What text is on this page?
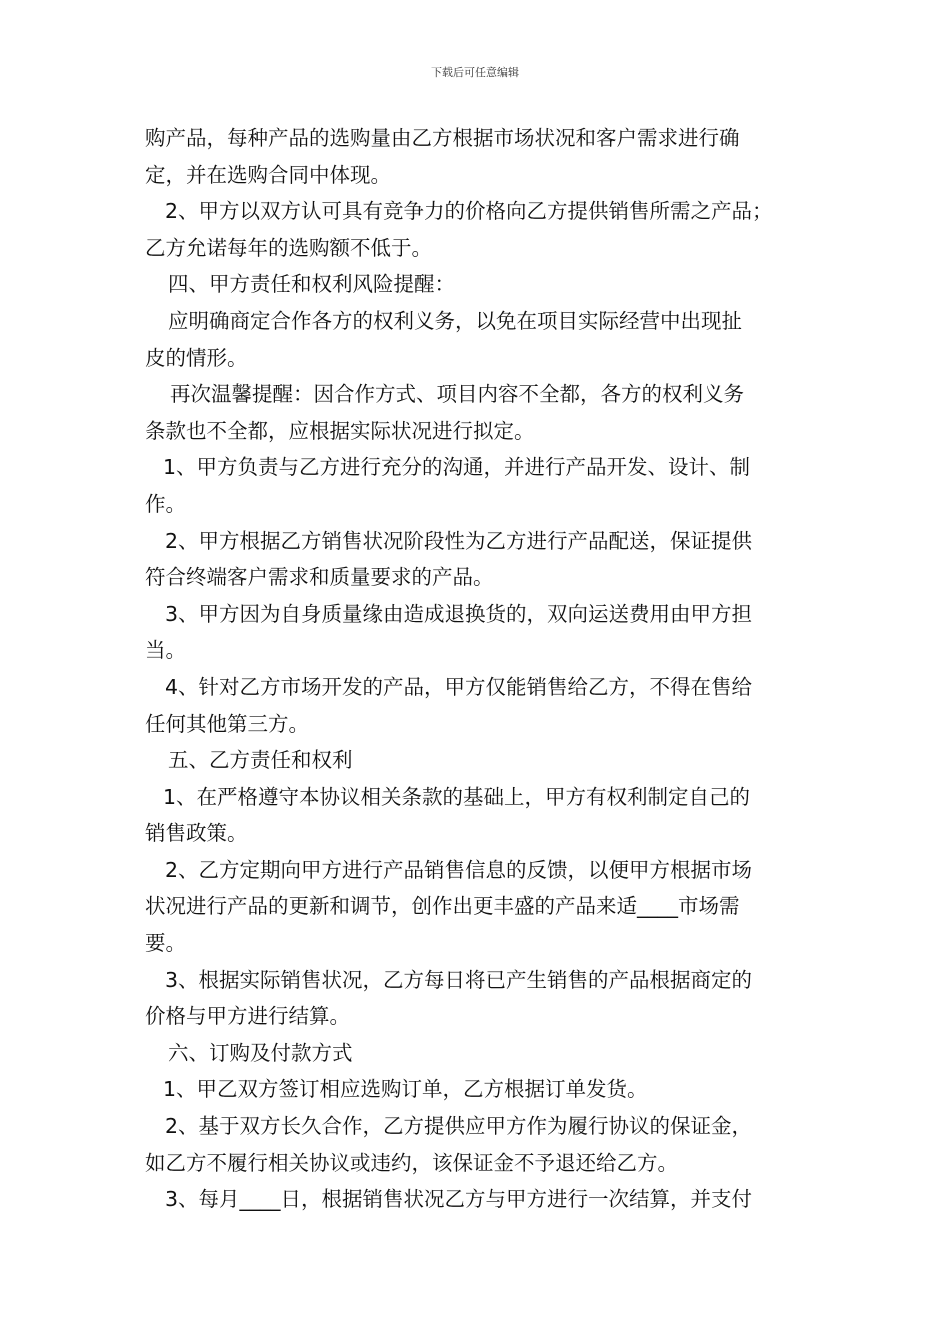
下载后可任意编辑
购产品，每种产品的选购量由乙方根据市场状况和客户需求进行确
定，并在选购合同中体现。
2、甲方以双方认可具有竞争力的价格向乙方提供销售所需之产品；
乙方允诺每年的选购额不低于。
四、甲方责任和权利风险提醒：
应明确商定合作各方的权利义务，以免在项目实际经营中出现扯
皮的情形。
再次温馨提醒：因合作方式、项目内容不全都，各方的权利义务
条款也不全都，应根据实际状况进行拟定。
1、甲方负责与乙方进行充分的沟通，并进行产品开发、设计、制
作。
2、甲方根据乙方销售状况阶段性为乙方进行产品配送，保证提供
符合终端客户需求和质量要求的产品。
3、甲方因为自身质量缘由造成退换货的，双向运送费用由甲方担
当。
4、针对乙方市场开发的产品，甲方仅能销售给乙方，不得在售给
任何其他第三方。
五、乙方责任和权利
1、在严格遵守本协议相关条款的基础上，甲方有权利制定自己的
销售政策。
2、乙方定期向甲方进行产品销售信息的反馈，以便甲方根据市场
状况进行产品的更新和调节，创作出更丰盛的产品来适____市场需
要。
3、根据实际销售状况，乙方每日将已产生销售的产品根据商定的
价格与甲方进行结算。
六、订购及付款方式
1、甲乙双方签订相应选购订单，乙方根据订单发货。
2、基于双方长久合作，乙方提供应甲方作为履行协议的保证金，
如乙方不履行相关协议或违约，该保证金不予退还给乙方。
3、每月____日，根据销售状况乙方与甲方进行一次结算，并支付
